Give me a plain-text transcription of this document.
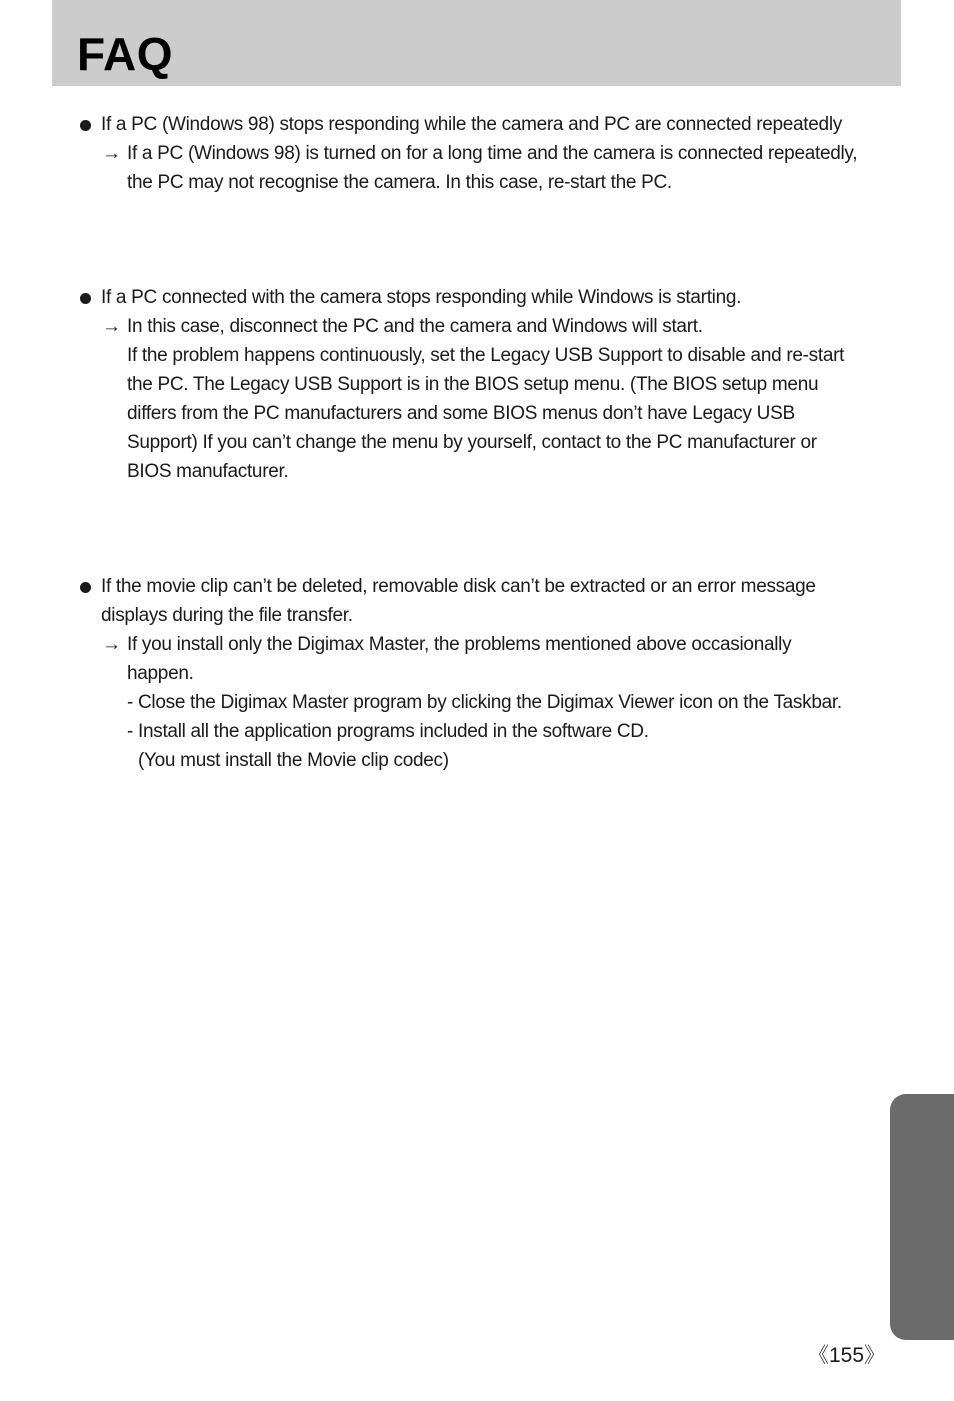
FAQ
If a PC (Windows 98) stops responding while the camera and PC are connected repeatedly
→ If a PC (Windows 98) is turned on for a long time and the camera is connected repeatedly,
the PC may not recognise the camera. In this case, re-start the PC.
If a PC connected with the camera stops responding while Windows is starting.
→ In this case, disconnect the PC and the camera and Windows will start.
If the problem happens continuously, set the Legacy USB Support to disable and re-start
the PC. The Legacy USB Support is in the BIOS setup menu. (The BIOS setup menu
differs from the PC manufacturers and some BIOS menus don’t have Legacy USB
Support) If you can’t change the menu by yourself, contact to the PC manufacturer or
BIOS manufacturer.
If the movie clip can’t be deleted, removable disk can’t be extracted or an error message
displays during the file transfer.
→ If you install only the Digimax Master, the problems mentioned above occasionally
happen.
- Close the Digimax Master program by clicking the Digimax Viewer icon on the Taskbar.
- Install all the application programs included in the software CD.
(You must install the Movie clip codec)
《155》
